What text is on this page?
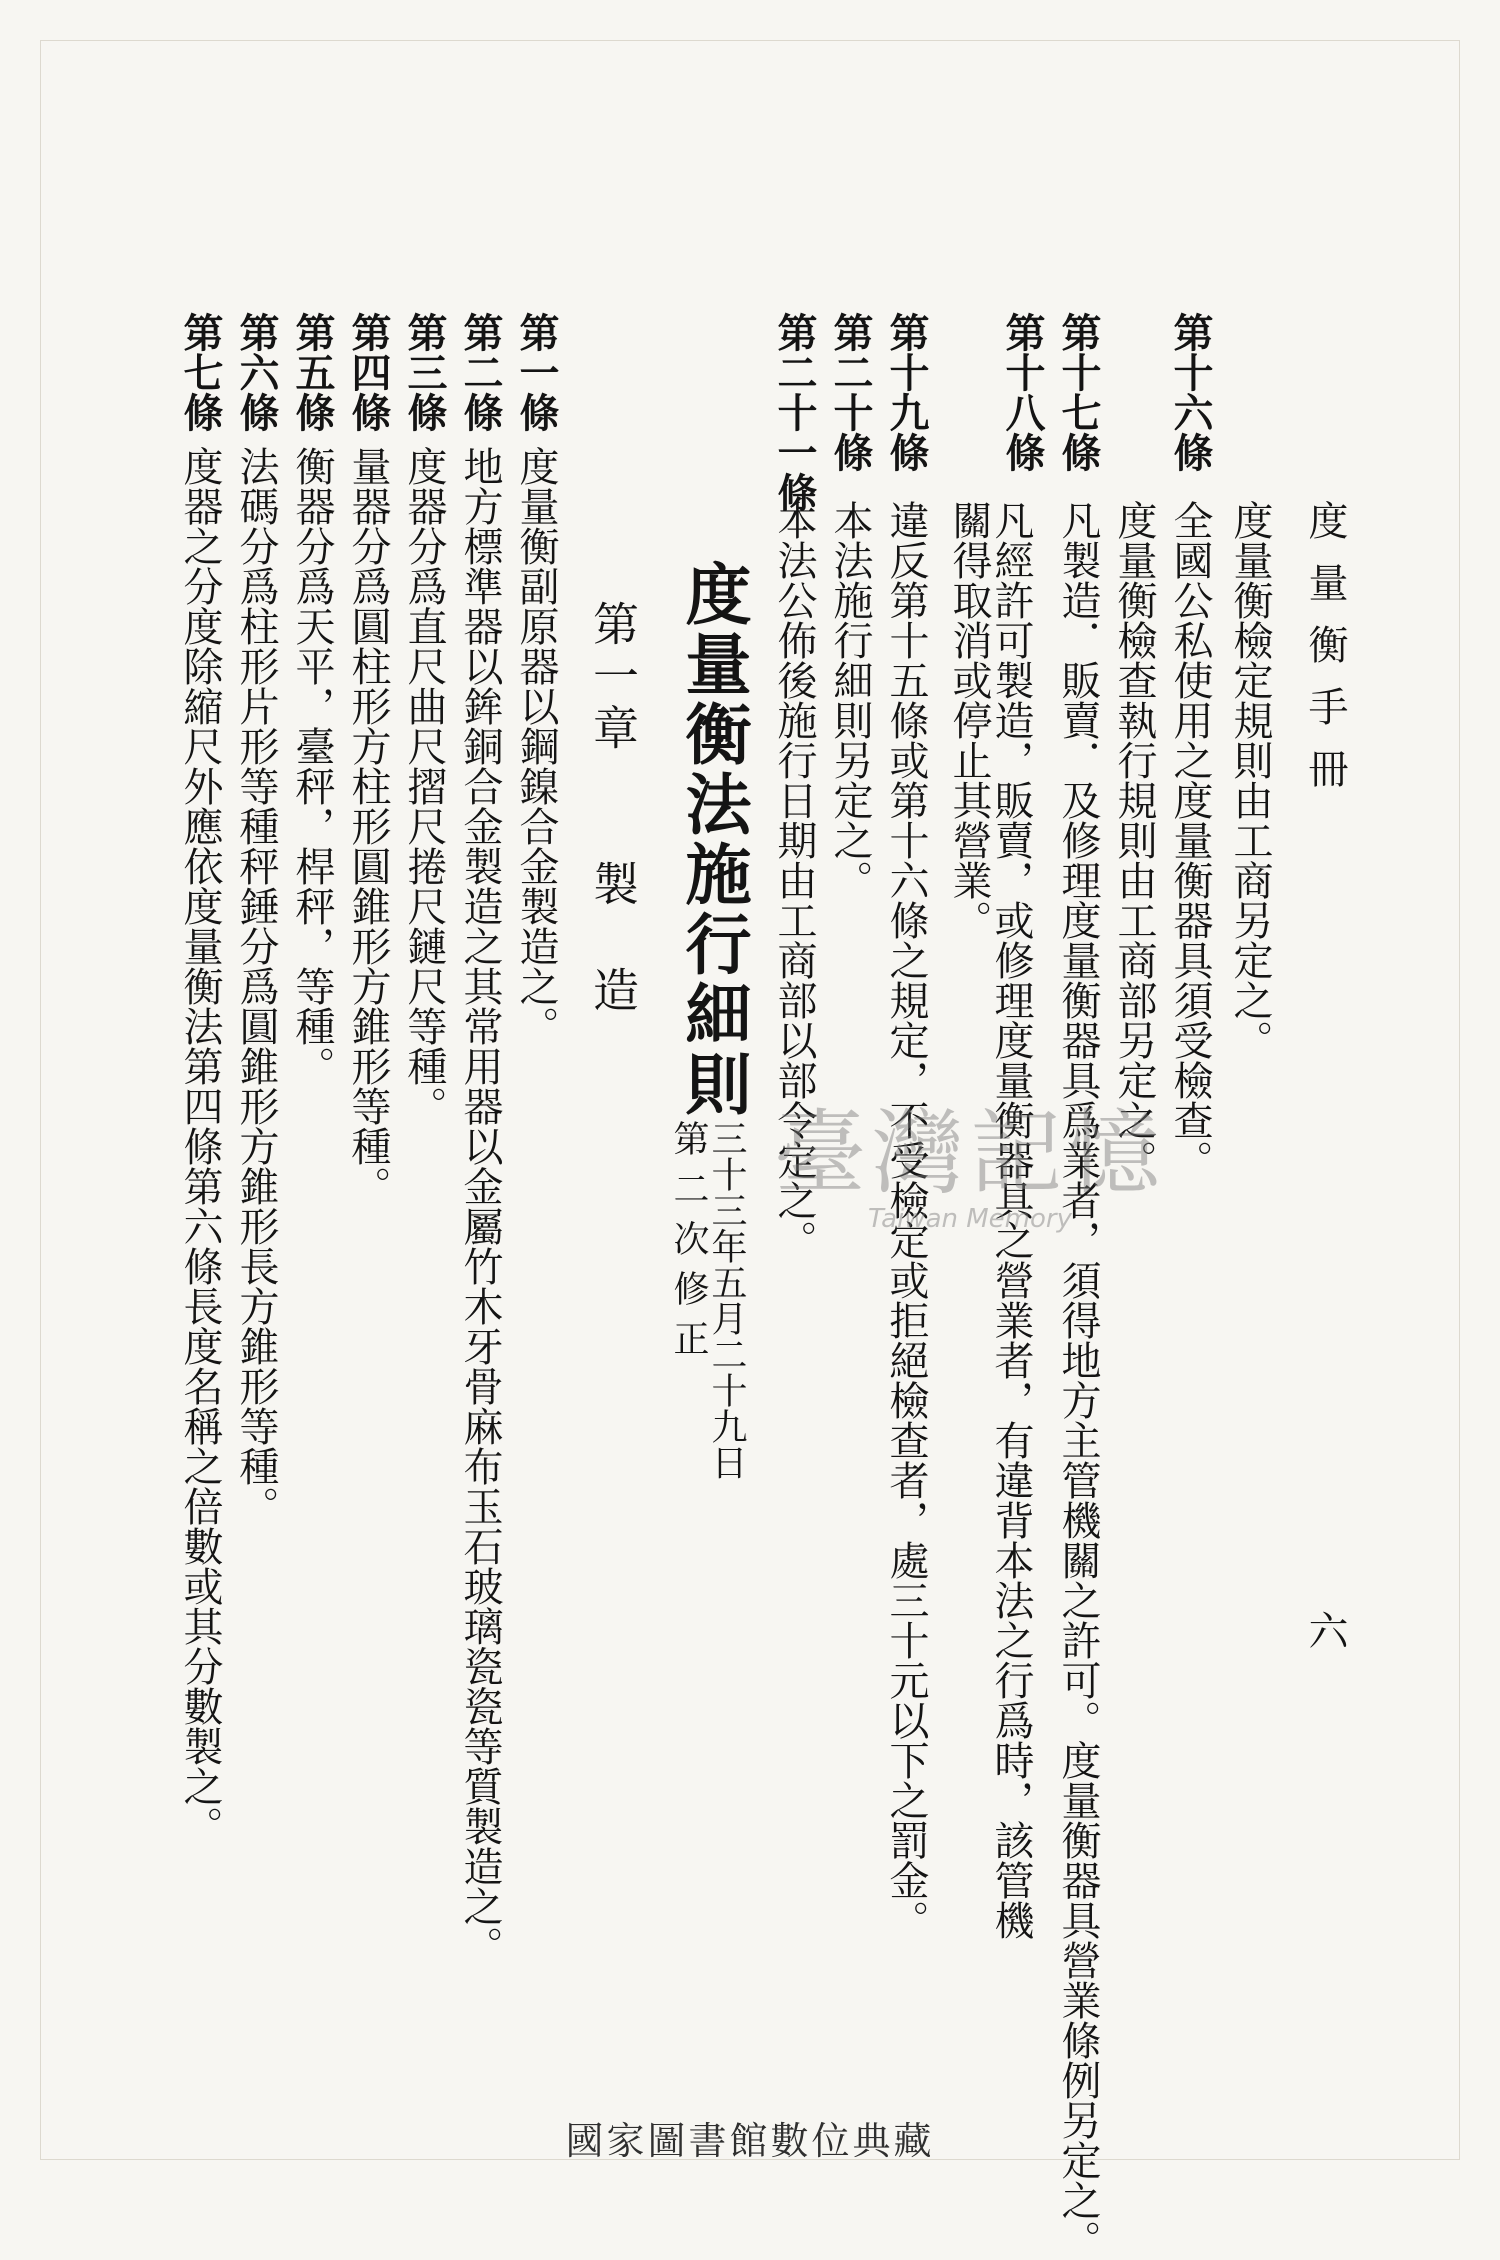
度量衡手冊
六
第十六條
度量衡檢定規則由工商另定之。
全國公私使用之度量衡器具須受檢查。
度量衡檢查執行規則由工商部另定之。
第十七條
凡製造．販賣．及修理度量衡器具爲業者，須得地方主管機關之許可。度量衡器具營業條例另定之。
第十八條
凡經許可製造，販賣，或修理度量衡器具之營業者，有違背本法之行爲時，該管機關得取消或停止其營業。
第十九條
違反第十五條或第十六條之規定，不受檢定或拒絕檢查者，處三十元以下之罰金。
第二十條
本法施行細則另定之。
第二十一條
本法公佈後施行日期由工商部以部令定之。
度量衡法施行細則
三十三年五月二十九日
第二次修正
第一章
製造
第一條
度量衡副原器以鋼鎳合金製造之。
第二條
地方標準器以鉾銅合金製造之其常用器以金屬竹木牙骨麻布玉石玻璃瓷瓷等質製造之。
第三條
度器分爲直尺曲尺摺尺捲尺鏈尺等種。
第四條
量器分爲圓柱形方柱形圓錐形方錐形等種。
第五條
衡器分爲天平，臺秤，桿秤，等種。
第六條
法碼分爲柱形片形等種秤錘分爲圓錐形方錐形長方錐形等種。
第七條
度器之分度除縮尺外應依度量衡法第四條第六條長度名稱之倍數或其分數製之。	臺灣記憶
Taiwan Memory
國家圖書館數位典藏
